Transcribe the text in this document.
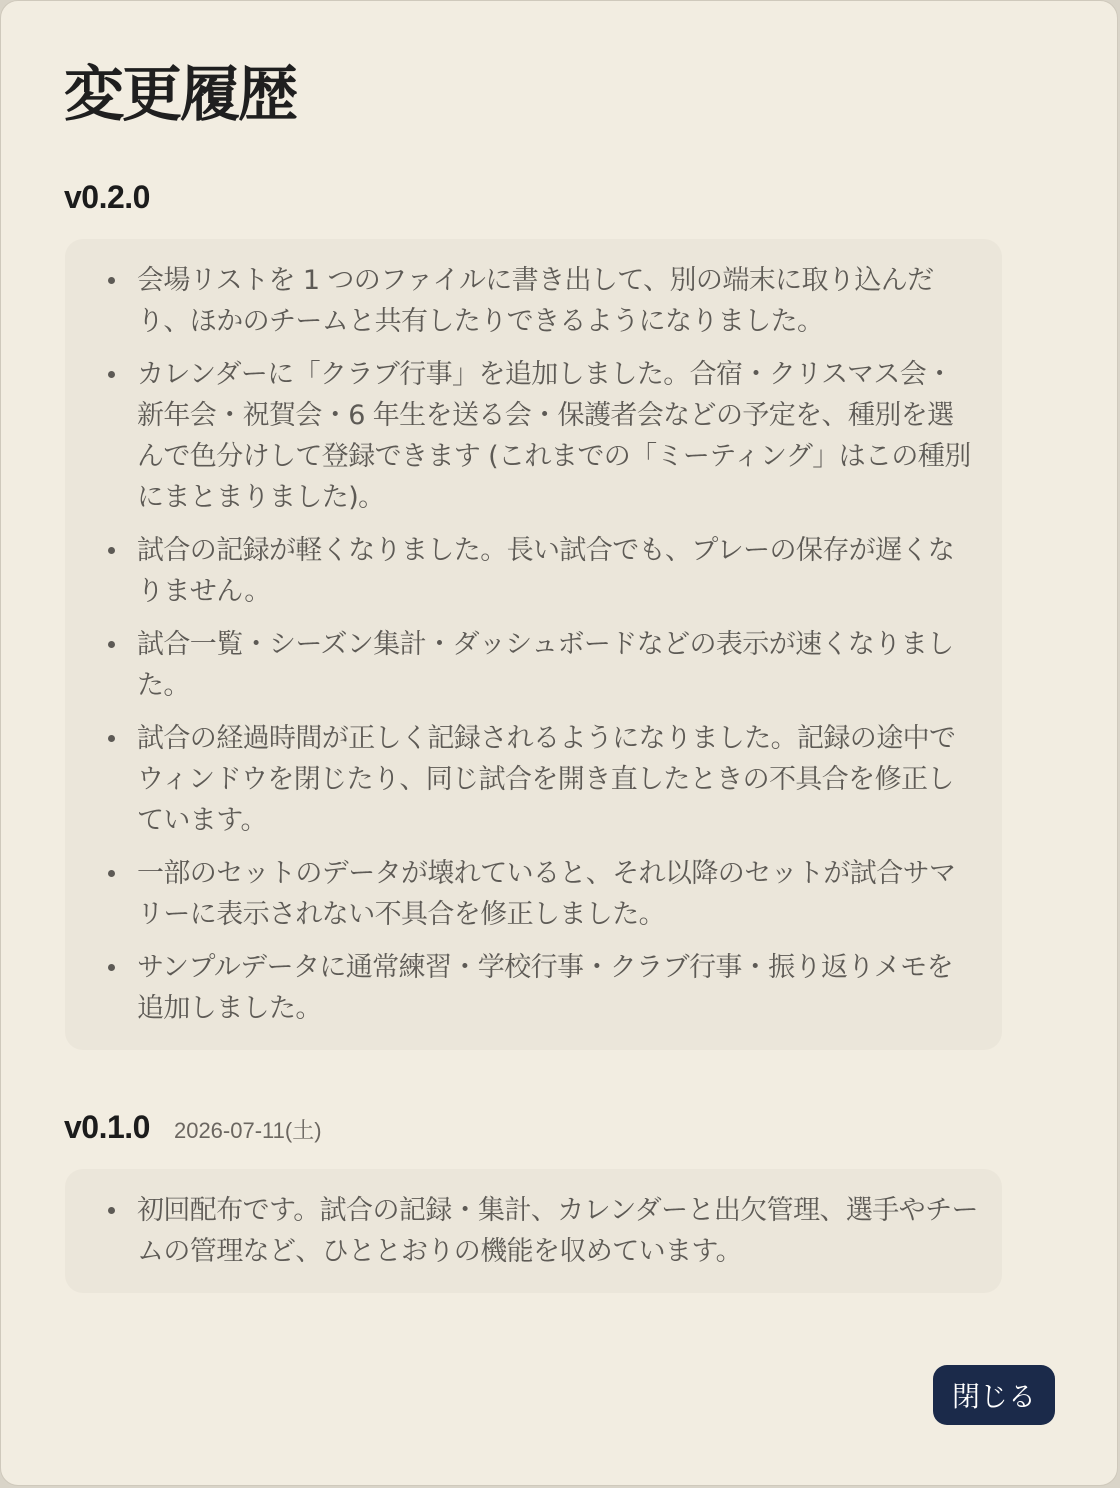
変更履歴
v0.2.0
会場リストを 1 つのファイルに書き出して、別の端末に取り込んだり、ほかのチームと共有したりできるようになりました。
カレンダーに「クラブ行事」を追加しました。合宿・クリスマス会・新年会・祝賀会・6 年生を送る会・保護者会などの予定を、種別を選んで色分けして登録できます (これまでの「ミーティング」はこの種別にまとまりました)。
試合の記録が軽くなりました。長い試合でも、プレーの保存が遅くなりません。
試合一覧・シーズン集計・ダッシュボードなどの表示が速くなりました。
試合の経過時間が正しく記録されるようになりました。記録の途中でウィンドウを閉じたり、同じ試合を開き直したときの不具合を修正しています。
一部のセットのデータが壊れていると、それ以降のセットが試合サマリーに表示されない不具合を修正しました。
サンプルデータに通常練習・学校行事・クラブ行事・振り返りメモを追加しました。
v0.1.0 2026-07-11(土)
初回配布です。試合の記録・集計、カレンダーと出欠管理、選手やチームの管理など、ひととおりの機能を収めています。
閉じる
